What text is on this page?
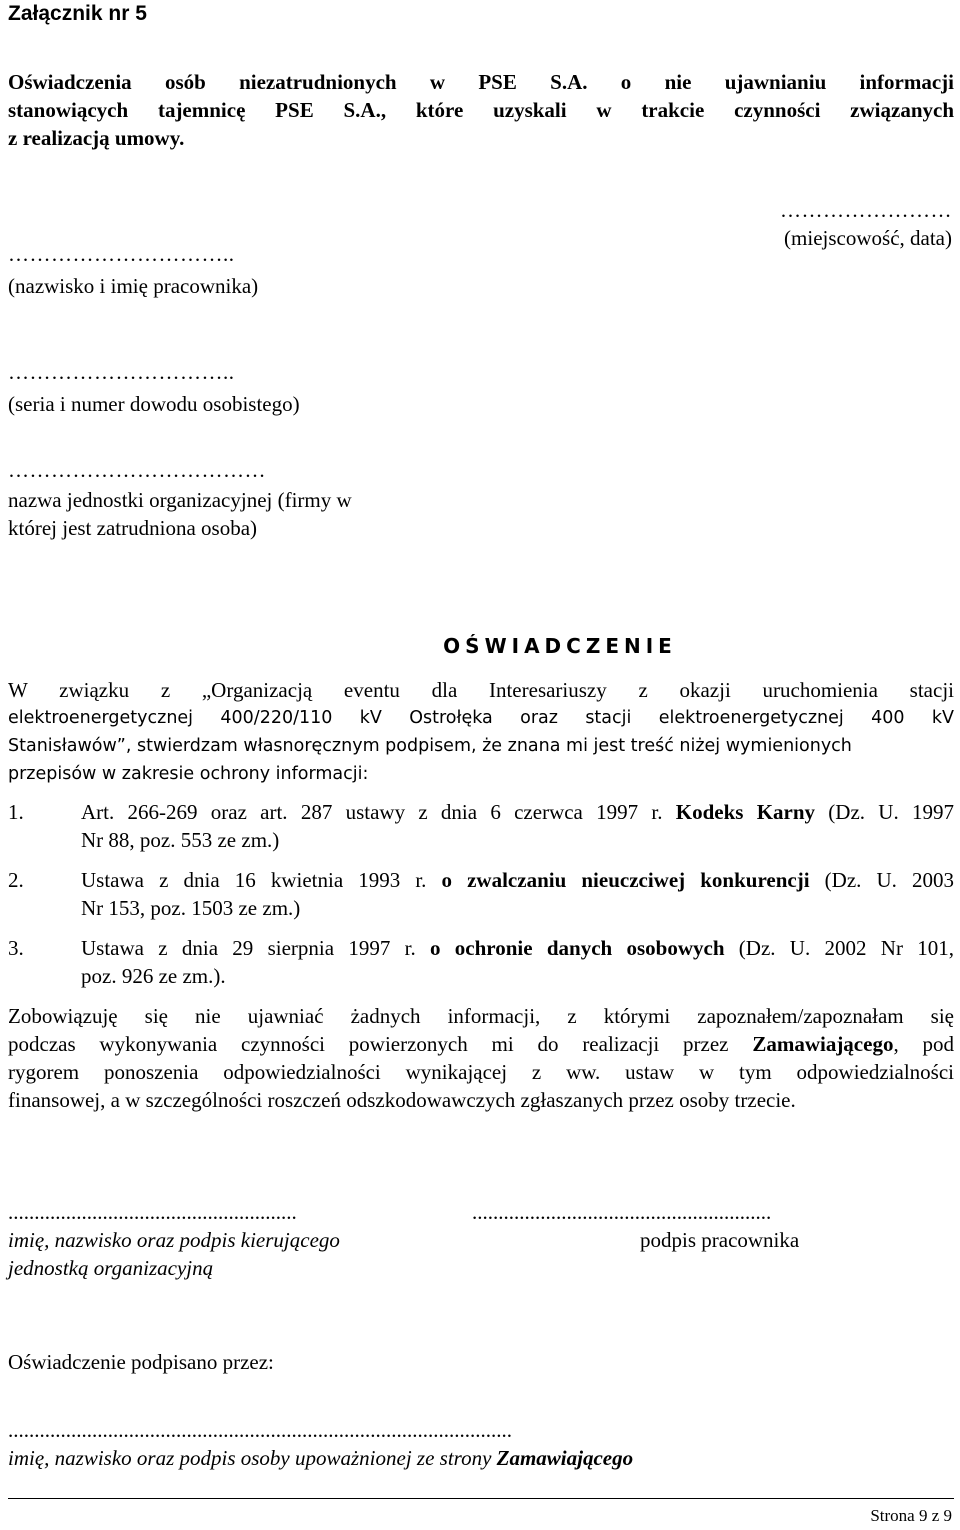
Załącznik nr 5
Oświadczenia osób niezatrudnionych w PSE S.A. o nie ujawnianiu informacji
stanowiących tajemnicę PSE S.A., które uzyskali w trakcie czynności związanych
z realizacją umowy.
……………………
(miejscowość, data)
…………………………..
(nazwisko i imię pracownika)
…………………………..
(seria i numer dowodu osobistego)
………………………………
nazwa jednostki organizacyjnej (firmy w
której jest zatrudniona osoba)
OŚWIADCZENIE
W związku z „Organizacją eventu dla Interesariuszy z okazji uruchomienia stacji
elektroenergetycznej 400/220/110 kV Ostrołęka oraz stacji elektroenergetycznej 400 kV
Stanisławów”, stwierdzam własnoręcznym podpisem, że znana mi jest treść niżej wymienionych
przepisów w zakresie ochrony informacji:
1.	Art. 266-269 oraz art. 287 ustawy z dnia 6 czerwca 1997 r. Kodeks Karny (Dz. U. 1997
Nr 88, poz. 553 ze zm.)
2.	Ustawa z dnia 16 kwietnia 1993 r. o zwalczaniu nieuczciwej konkurencji (Dz. U. 2003
Nr 153, poz. 1503 ze zm.)
3.	Ustawa z dnia 29 sierpnia 1997 r. o ochronie danych osobowych (Dz. U. 2002 Nr 101,
poz. 926 ze zm.).
Zobowiązuję się nie ujawniać żadnych informacji, z którymi zapoznałem/zapoznałam się
podczas wykonywania czynności powierzonych mi do realizacji przez Zamawiającego, pod
rygorem ponoszenia odpowiedzialności wynikającej z ww. ustaw w tym odpowiedzialności
finansowej, a w szczególności roszczeń odszkodowawczych zgłaszanych przez osoby trzecie.
.......................................................
imię, nazwisko oraz podpis kierującego
jednostką organizacyjną
.........................................................
podpis pracownika
Oświadczenie podpisano przez:
................................................................................................
imię, nazwisko oraz podpis osoby upoważnionej ze strony Zamawiającego
Strona 9 z 9
